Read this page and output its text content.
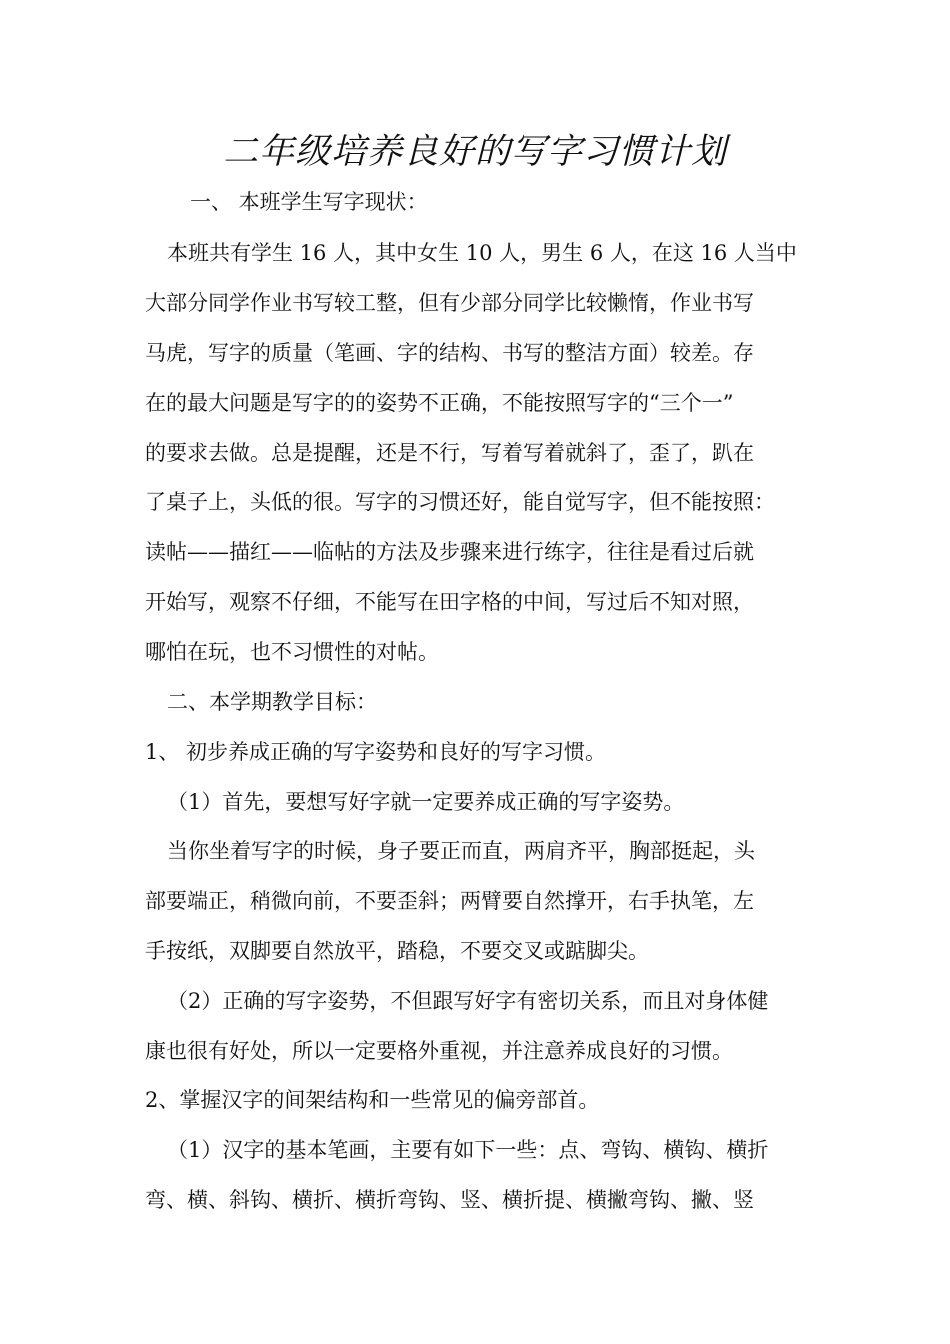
二年级培养良好的写字习惯计划
一、 本班学生写字现状：
本班共有学生 16 人，其中女生 10 人，男生 6 人，在这 16 人当中
大部分同学作业书写较工整，但有少部分同学比较懒惰，作业书写
马虎，写字的质量（笔画、字的结构、书写的整洁方面）较差。存
在的最大问题是写字的的姿势不正确，不能按照写字的“三个一”
的要求去做。总是提醒，还是不行，写着写着就斜了，歪了，趴在
了桌子上，头低的很。写字的习惯还好，能自觉写字，但不能按照：
读帖——描红——临帖的方法及步骤来进行练字，往往是看过后就
开始写，观察不仔细，不能写在田字格的中间，写过后不知对照，
哪怕在玩，也不习惯性的对帖。
二、本学期教学目标：
1、 初步养成正确的写字姿势和良好的写字习惯。
（1）首先，要想写好字就一定要养成正确的写字姿势。
当你坐着写字的时候，身子要正而直，两肩齐平，胸部挺起，头
部要端正，稍微向前，不要歪斜；两臂要自然撑开，右手执笔，左
手按纸，双脚要自然放平，踏稳，不要交叉或踮脚尖。
（2）正确的写字姿势，不但跟写好字有密切关系，而且对身体健
康也很有好处，所以一定要格外重视，并注意养成良好的习惯。
2、掌握汉字的间架结构和一些常见的偏旁部首。
（1）汉字的基本笔画，主要有如下一些：点、弯钩、横钩、横折
弯、横、斜钩、横折、横折弯钩、竖、横折提、横撇弯钩、撇、竖
